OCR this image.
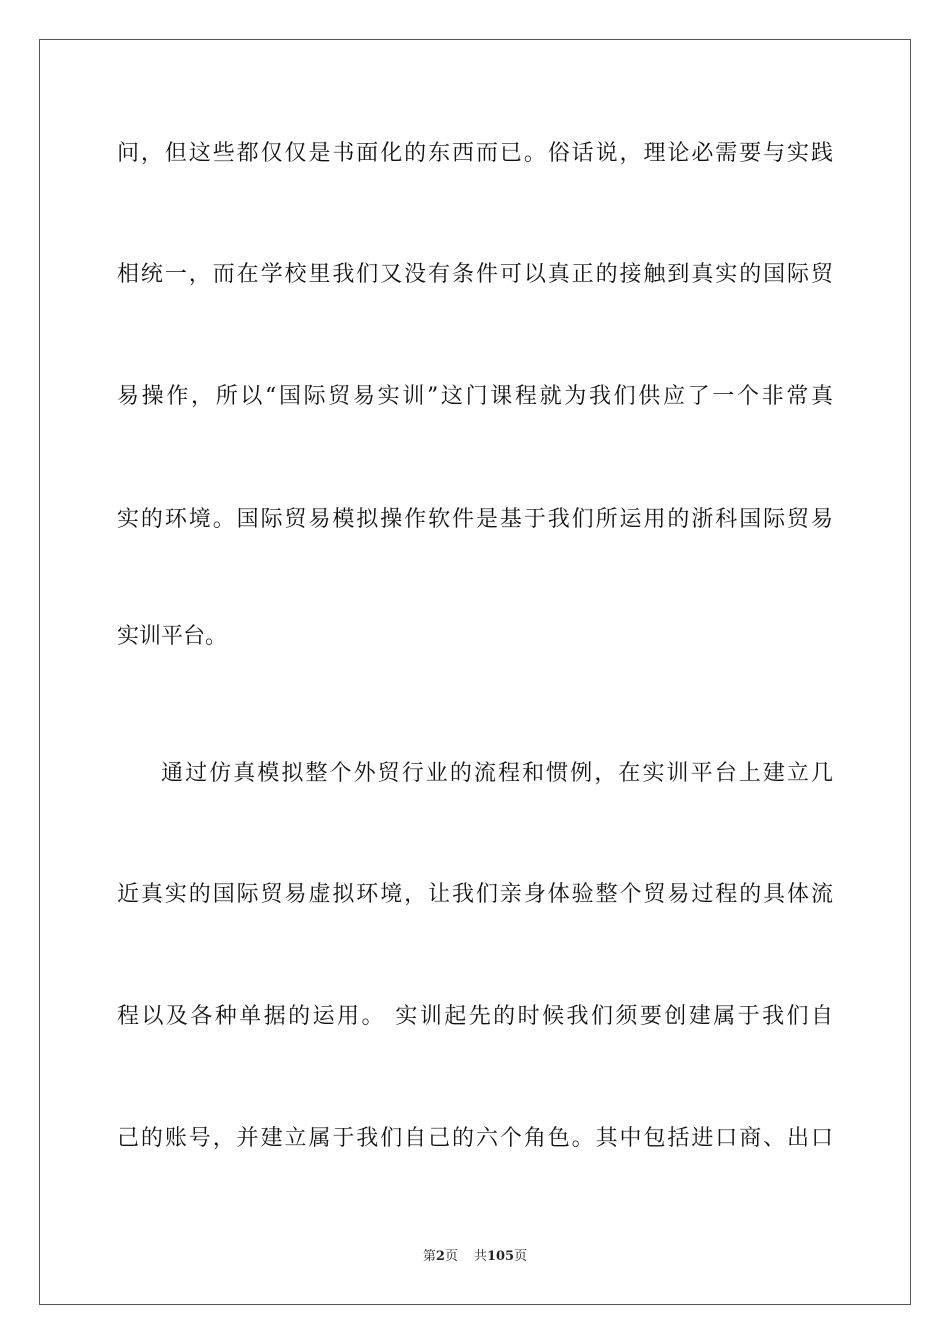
问，但这些都仅仅是书面化的东西而已。俗话说，理论必需要与实践
相统一，而在学校里我们又没有条件可以真正的接触到真实的国际贸
易操作，所以“国际贸易实训”这门课程就为我们供应了一个非常真
实的环境。国际贸易模拟操作软件是基于我们所运用的浙科国际贸易
实训平台。
通过仿真模拟整个外贸行业的流程和惯例，在实训平台上建立几
近真实的国际贸易虚拟环境，让我们亲身体验整个贸易过程的具体流
程以及各种单据的运用。 实训起先的时候我们须要创建属于我们自
己的账号，并建立属于我们自己的六个角色。其中包括进口商、出口
第2页 共105页
